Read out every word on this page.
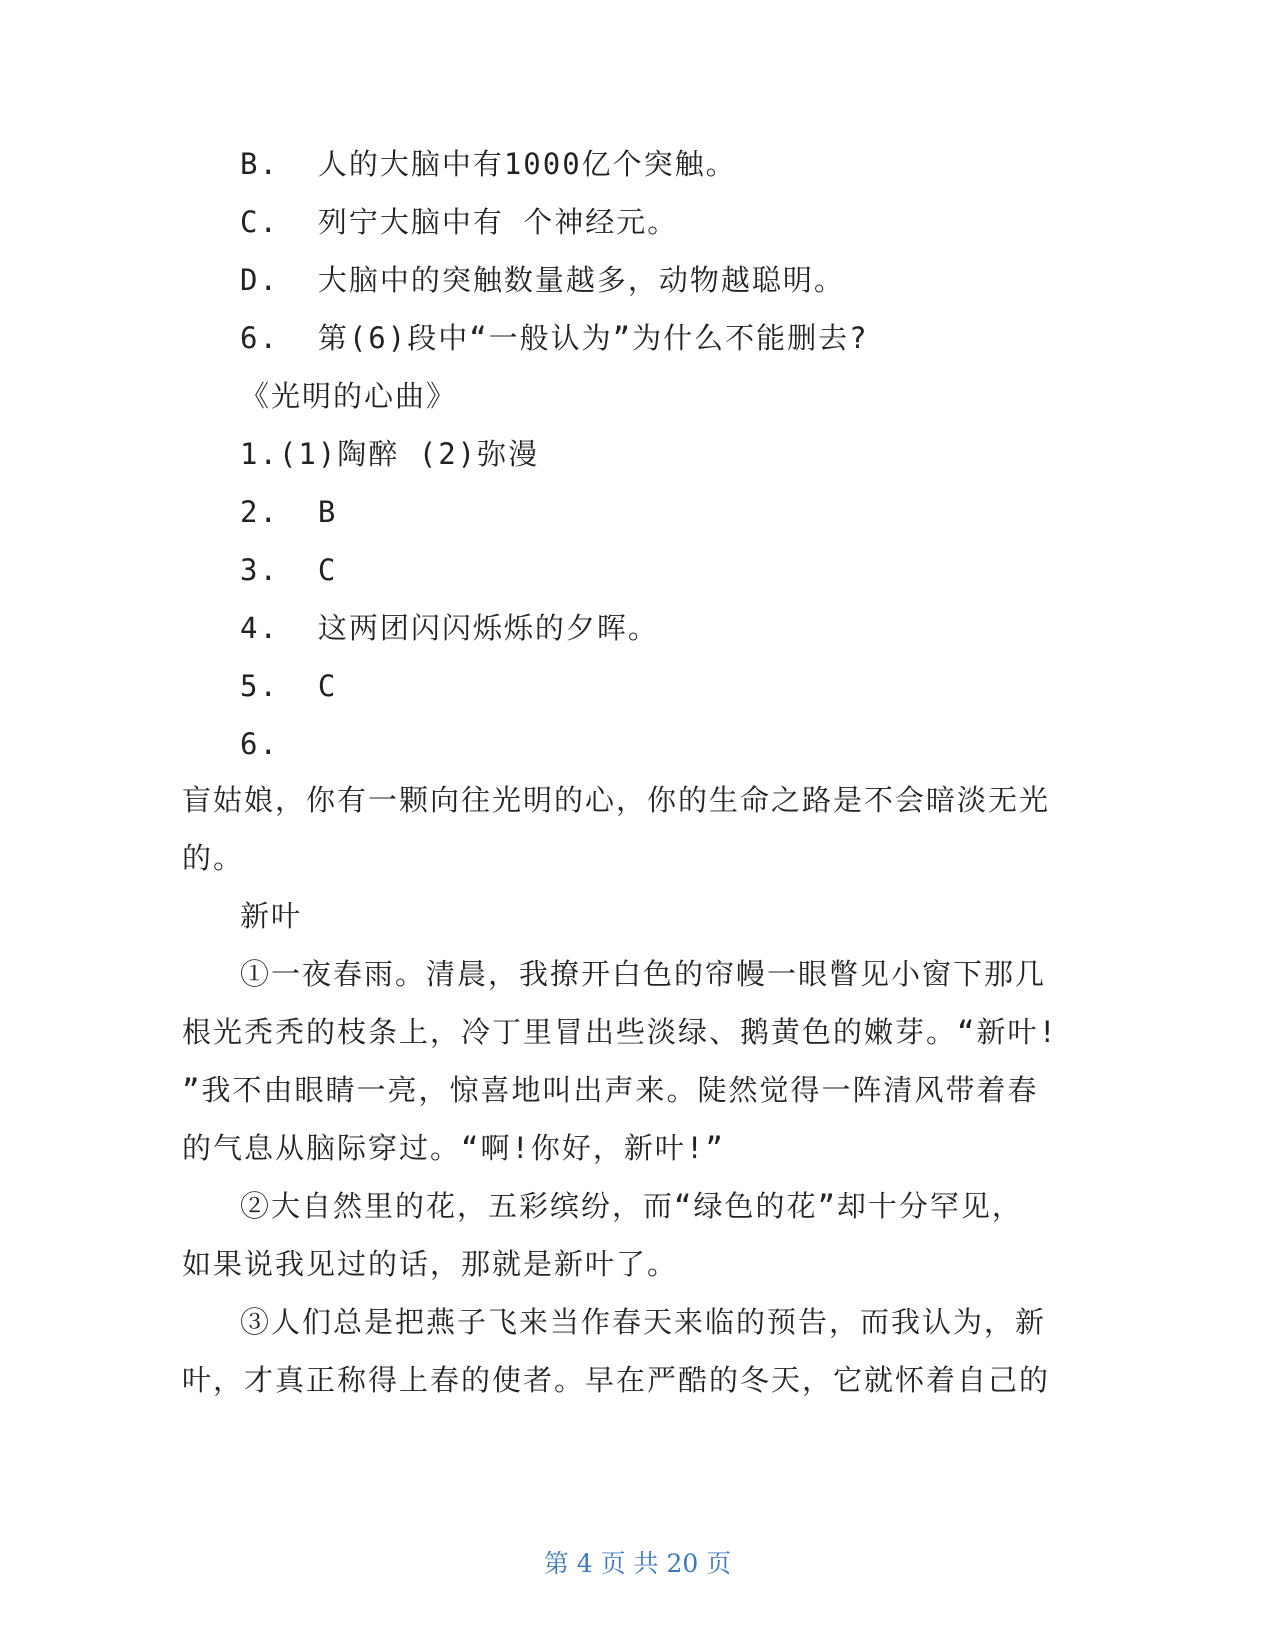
B.  人的大脑中有1000亿个突触。
C.  列宁大脑中有 个神经元。
D.  大脑中的突触数量越多，动物越聪明。
6.  第(6)段中“一般认为”为什么不能删去?
《光明的心曲》
1.(1)陶醉 (2)弥漫
2.  B
3.  C
4.  这两团闪闪烁烁的夕晖。
5.  C
6.
盲姑娘，你有一颗向往光明的心，你的生命之路是不会暗淡无光
的。
新叶
①一夜春雨。清晨，我撩开白色的帘幔一眼瞥见小窗下那几
根光秃秃的枝条上，冷丁里冒出些淡绿、鹅黄色的嫩芽。“新叶!
”我不由眼睛一亮，惊喜地叫出声来。陡然觉得一阵清风带着春
的气息从脑际穿过。“啊!你好，新叶!”
②大自然里的花，五彩缤纷，而“绿色的花”却十分罕见，
如果说我见过的话，那就是新叶了。
③人们总是把燕子飞来当作春天来临的预告，而我认为，新
叶，才真正称得上春的使者。早在严酷的冬天，它就怀着自己的
第 4 页 共 20 页
